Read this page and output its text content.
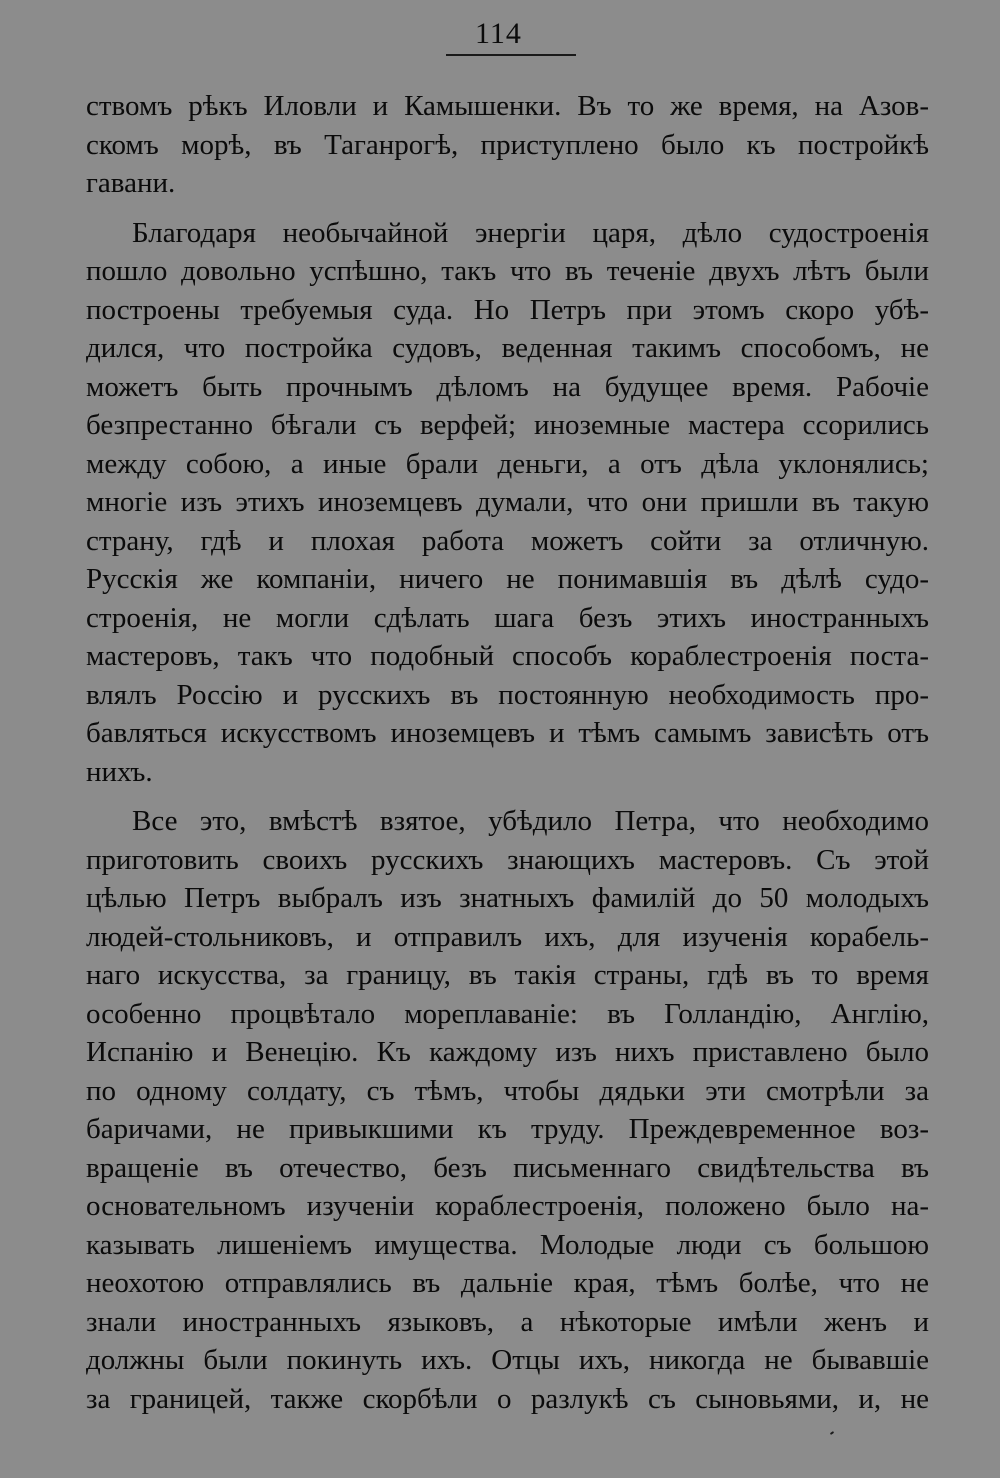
114
ствомъ рѣкъ Иловли и Камышенки. Въ то же время, на Азов-
скомъ морѣ, въ Таганрогѣ, приступлено было къ постройкѣ
гавани.
Благодаря необычайной энергіи царя, дѣло судостроенія
пошло довольно успѣшно, такъ что въ теченіе двухъ лѣтъ были
построены требуемыя суда. Но Петръ при этомъ скоро убѣ-
дился, что постройка судовъ, веденная такимъ способомъ, не
можетъ быть прочнымъ дѣломъ на будущее время. Рабочіе
безпрестанно бѣгали съ верфей; иноземные мастера ссорились
между собою, а иные брали деньги, а отъ дѣла уклонялись;
многіе изъ этихъ иноземцевъ думали, что они пришли въ такую
страну, гдѣ и плохая работа можетъ сойти за отличную.
Русскія же компаніи, ничего не понимавшія въ дѣлѣ судо-
строенія, не могли сдѣлать шага безъ этихъ иностранныхъ
мастеровъ, такъ что подобный способъ кораблестроенія поста-
влялъ Россію и русскихъ въ постоянную необходимость про-
бавляться искусствомъ иноземцевъ и тѣмъ самымъ зависѣть отъ
нихъ.
Все это, вмѣстѣ взятое, убѣдило Петра, что необходимо
приготовить своихъ русскихъ знающихъ мастеровъ. Съ этой
цѣлью Петръ выбралъ изъ знатныхъ фамилій до 50 молодыхъ
людей-стольниковъ, и отправилъ ихъ, для изученія корабель-
наго искусства, за границу, въ такія страны, гдѣ въ то время
особенно процвѣтало мореплаваніе: въ Голландію, Англію,
Испанію и Венецію. Къ каждому изъ нихъ приставлено было
по одному солдату, съ тѣмъ, чтобы дядьки эти смотрѣли за
баричами, не привыкшими къ труду. Преждевременное воз-
вращеніе въ отечество, безъ письменнаго свидѣтельства въ
основательномъ изученіи кораблестроенія, положено было на-
казывать лишеніемъ имущества. Молодые люди съ большою
неохотою отправлялись въ дальніе края, тѣмъ болѣе, что не
знали иностранныхъ языковъ, а нѣкоторые имѣли женъ и
должны были покинуть ихъ. Отцы ихъ, никогда не бывавшіе
за границей, также скорбѣли о разлукѣ съ сыновьями, и, не
